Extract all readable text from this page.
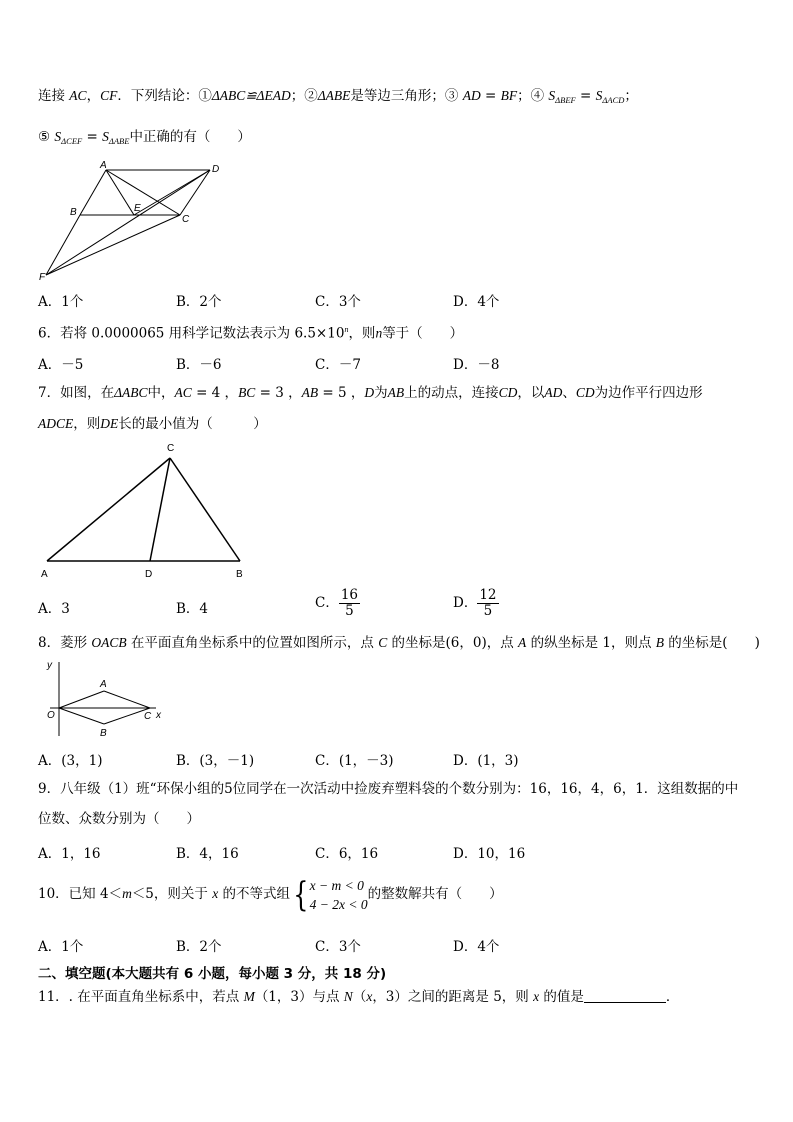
连接 AC，CF．下列结论：①ΔABC≌ΔEAD；②ΔABE是等边三角形；③ AD = BF；④ $S_{\Delta BEF} = S_{\Delta ACD}$；
⑤ $S_{\Delta CEF} = S_{\Delta ABE}$中正确的有（　　）
A	D
B	E
C
F
A．1个	B．2个	C．3个	D．4个
6．若将 0.0000065 用科学记数法表示为 $6.5\times 10^n$，则n等于（　　）
A．－5	B．－6	C．－7	D．－8
7．如图，在ΔABC中，AC = 4 ，BC = 3 ，AB = 5 ，D为AB上的动点，连接CD，以AD、CD为边作平行四边形
ADCE，则DE长的最小值为（　　　）
C
A	D	B
A．3	B．4	C． $\frac{16}{5}$	D． $\frac{12}{5}$
8．菱形 OACB 在平面直角坐标系中的位置如图所示，点 C 的坐标是(6，0)，点 A 的纵坐标是 1，则点 B 的坐标是(　　)
y
A
O	C x
B
A．(3，1)	B．(3，－1)	C．(1，－3)	D．(1，3)
9．八年级（1）班“环保小组的5位同学在一次活动中捡废弃塑料袋的个数分别为：16，16，4，6，1．这组数据的中
位数、众数分别为（　　）
A．1，16	B．4，16	C．6，16	D．10，16
10．已知 4＜m＜5，则关于 x 的不等式组{ x − m < 0
4 − 2x < 0
的整数解共有（　　）
A．1个	B．2个	C．3个	D．4个
二、填空题(本大题共有 6 小题，每小题 3 分，共 18 分)
11．. 在平面直角坐标系中，若点 M（1，3）与点 N（x，3）之间的距离是 5，则 x 的值是	．
